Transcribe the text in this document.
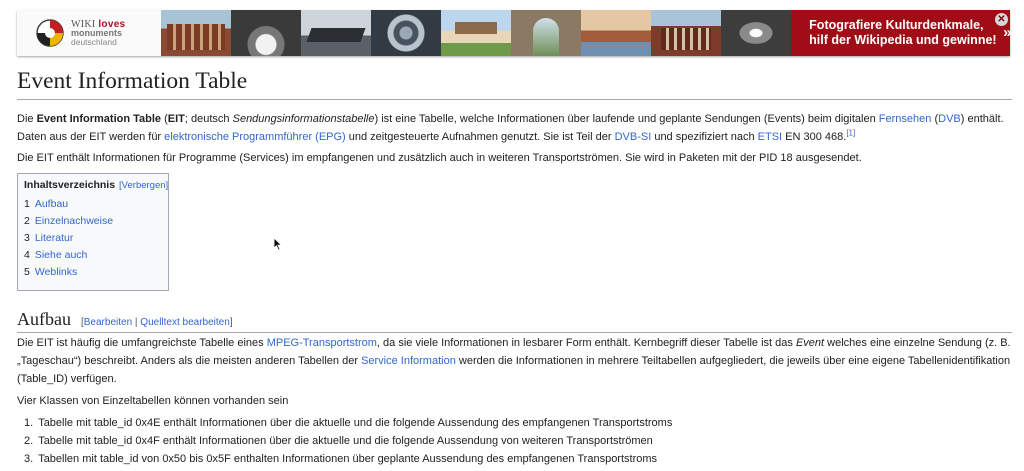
WIKI loves
monuments
deutschland
Fotografiere Kulturdenkmale,
hilf der Wikipedia und gewinne! »
✕
Event Information Table

Die Event Information Table (EIT; deutsch Sendungsinformationstabelle) ist eine Tabelle, welche Informationen über laufende und geplante Sendungen (Events) beim digitalen Fernsehen (DVB) enthält. Daten aus der EIT werden für elektronische Programmführer (EPG) und zeitgesteuerte Aufnahmen genutzt. Sie ist Teil der DVB-SI und spezifiziert nach ETSI EN 300 468.[1]

Die EIT enthält Informationen für Programme (Services) im empfangenen und zusätzlich auch in weiteren Transportströmen. Sie wird in Paketen mit der PID 18 ausgesendet.

Inhaltsverzeichnis [Verbergen]
1 Aufbau
2 Einzelnachweise
3 Literatur
4 Siehe auch
5 Weblinks
Aufbau [Bearbeiten | Quelltext bearbeiten]

Die EIT ist häufig die umfangreichste Tabelle eines MPEG-Transportstrom, da sie viele Informationen in lesbarer Form enthält. Kernbegriff dieser Tabelle ist das Event welches eine einzelne Sendung (z. B. „Tageschau“) beschreibt. Anders als die meisten anderen Tabellen der Service Information werden die Informationen in mehrere Teiltabellen aufgegliedert, die jeweils über eine eigene Tabellenidentifikation (Table_ID) verfügen.

Vier Klassen von Einzeltabellen können vorhanden sein

1. Tabelle mit table_id 0x4E enthält Informationen über die aktuelle und die folgende Aussendung des empfangenen Transportstroms
2. Tabelle mit table_id 0x4F enthält Informationen über die aktuelle und die folgende Aussendung von weiteren Transportströmen
3. Tabellen mit table_id von 0x50 bis 0x5F enthalten Informationen über geplante Aussendung des empfangenen Transportstroms
